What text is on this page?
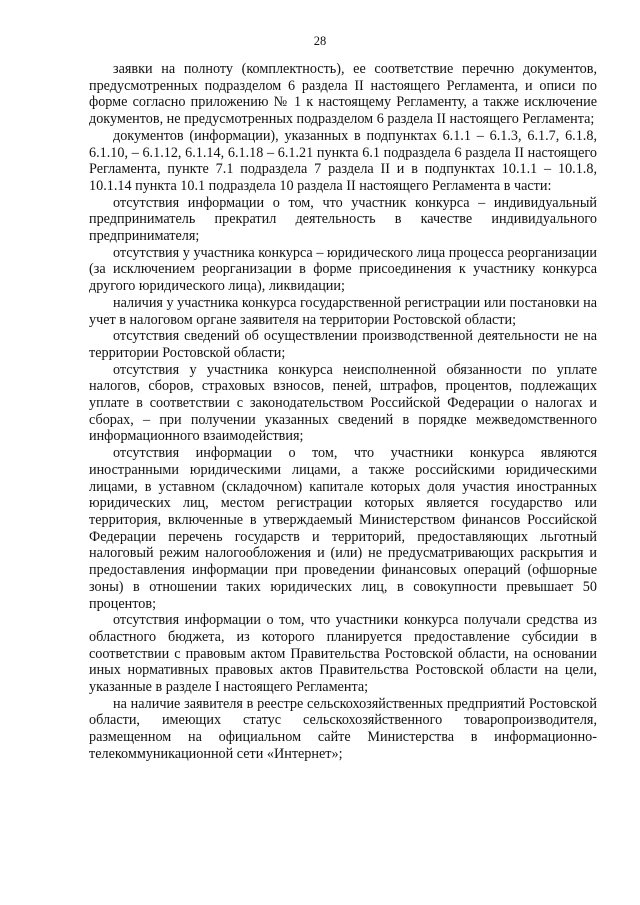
28

заявки на полноту (комплектность), ее соответствие перечню документов, предусмотренных подразделом 6 раздела II настоящего Регламента, и описи по форме согласно приложению № 1 к настоящему Регламенту, а также исключение документов, не предусмотренных подразделом 6 раздела II настоящего Регламента;

документов (информации), указанных в подпунктах 6.1.1 – 6.1.3, 6.1.7, 6.1.8, 6.1.10, – 6.1.12, 6.1.14, 6.1.18 – 6.1.21 пункта 6.1 подраздела 6 раздела II настоящего Регламента, пункте 7.1 подраздела 7 раздела II и в подпунктах 10.1.1 – 10.1.8, 10.1.14 пункта 10.1 подраздела 10 раздела II настоящего Регламента в части:

отсутствия информации о том, что участник конкурса – индивидуальный предприниматель прекратил деятельность в качестве индивидуального предпринимателя;

отсутствия у участника конкурса – юридического лица процесса реорганизации (за исключением реорганизации в форме присоединения к участнику конкурса другого юридического лица), ликвидации;

наличия у участника конкурса государственной регистрации или постановки на учет в налоговом органе заявителя на территории Ростовской области;

отсутствия сведений об осуществлении производственной деятельности не на территории Ростовской области;

отсутствия у участника конкурса неисполненной обязанности по уплате налогов, сборов, страховых взносов, пеней, штрафов, процентов, подлежащих уплате в соответствии с законодательством Российской Федерации о налогах и сборах, – при получении указанных сведений в порядке межведомственного информационного взаимодействия;

отсутствия информации о том, что участники конкурса являются иностранными юридическими лицами, а также российскими юридическими лицами, в уставном (складочном) капитале которых доля участия иностранных юридических лиц, местом регистрации которых является государство или территория, включенные в утверждаемый Министерством финансов Российской Федерации перечень государств и территорий, предоставляющих льготный налоговый режим налогообложения и (или) не предусматривающих раскрытия и предоставления информации при проведении финансовых операций (офшорные зоны) в отношении таких юридических лиц, в совокупности превышает 50 процентов;

отсутствия информации о том, что участники конкурса получали средства из областного бюджета, из которого планируется предоставление субсидии в соответствии с правовым актом Правительства Ростовской области, на основании иных нормативных правовых актов Правительства Ростовской области на цели, указанные в разделе I настоящего Регламента;

на наличие заявителя в реестре сельскохозяйственных предприятий Ростовской области, имеющих статус сельскохозяйственного товаропроизводителя, размещенном на официальном сайте Министерства в информационно-телекоммуникационной сети «Интернет»;
